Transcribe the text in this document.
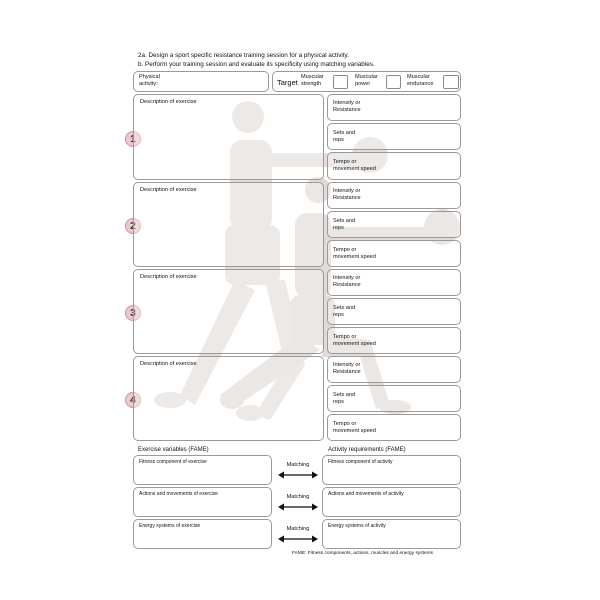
2a. Design a sport specific resistance training session for a physical activity.
b. Perform your training session and evaluate its specificity using matching variables.
Physical
activity:	Target
Muscular
strength
Muscular
power
Muscular
endurance
1
Description of exercise	Intensity or
Resistance
Sets and
reps
Tempo or
movement speed
2
Description of exercise	Intensity or
Resistance
Sets and
reps
Tempo or
movement speed
3
Description of exercise	Intensity or
Resistance
Sets and
reps
Tempo or
movement speed
4
Description of exercise	Intensity or
Resistance
Sets and
reps
Tempo or
movement speed
Exercise variables (FAME)	Activity requirements (FAME)
Fitness component of exercise	Matching	Fitness component of activity
Actions and movements of exercise	Matching	Actions and movements of activity
Energy systems of exercise	Matching	Energy systems of activity
FAME: Fitness components, actions, muscles and energy systems
